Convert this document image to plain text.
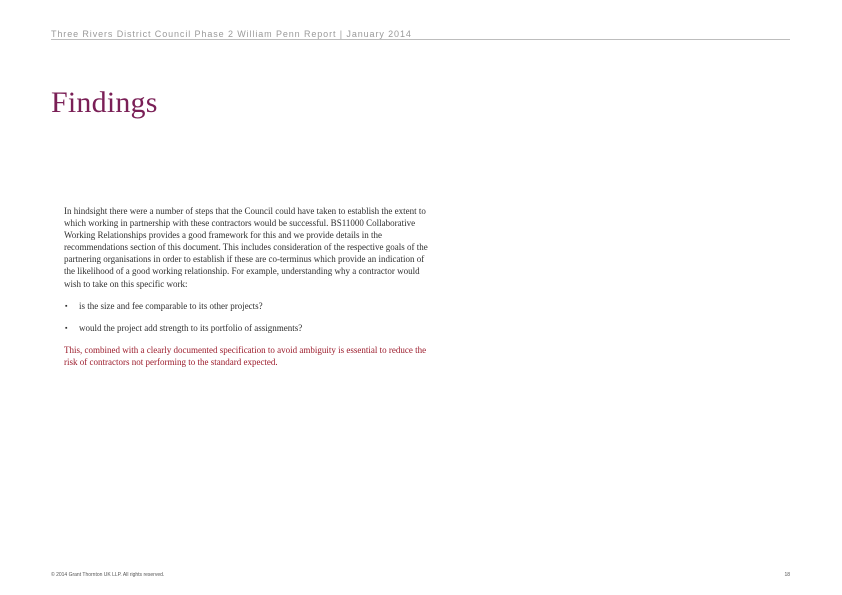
Three Rivers District Council Phase 2 William Penn Report | January 2014
Findings

In hindsight there were a number of steps that the Council could have taken to establish the extent to which working in partnership with these contractors would be successful. BS11000 Collaborative Working Relationships provides a good framework for this and we provide details in the recommendations section of this document. This includes consideration of the respective goals of the partnering organisations in order to establish if these are co-terminus which provide an indication of the likelihood of a good working relationship. For example, understanding why a contractor would wish to take on this specific work:

▪ is the size and fee comparable to its other projects?
▪ would the project add strength to its portfolio of assignments?

This, combined with a clearly documented specification to avoid ambiguity is essential to reduce the risk of contractors not performing to the standard expected.

© 2014 Grant Thornton UK LLP. All rights reserved.	18
